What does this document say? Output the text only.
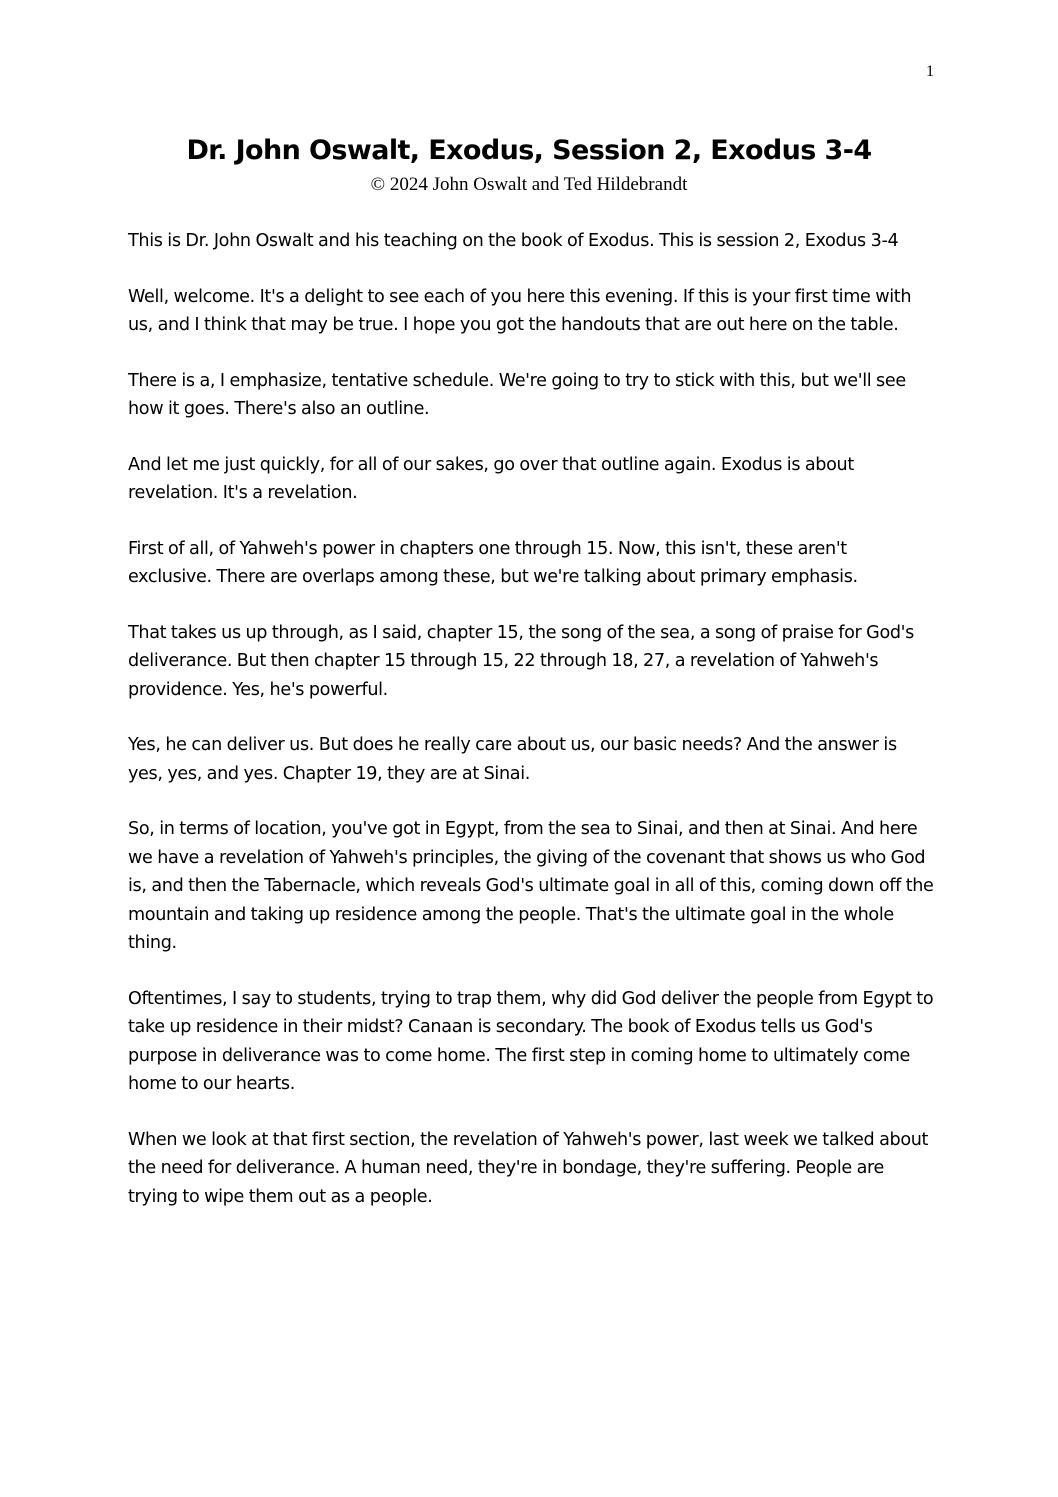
1

Dr. John Oswalt, Exodus, Session 2, Exodus 3-4

© 2024 John Oswalt and Ted Hildebrandt

This is Dr. John Oswalt and his teaching on the book of Exodus. This is session 2, Exodus 3-4

Well, welcome. It's a delight to see each of you here this evening. If this is your first time with us, and I think that may be true. I hope you got the handouts that are out here on the table.

There is a, I emphasize, tentative schedule. We're going to try to stick with this, but we'll see how it goes. There's also an outline.

And let me just quickly, for all of our sakes, go over that outline again. Exodus is about revelation. It's a revelation.

First of all, of Yahweh's power in chapters one through 15. Now, this isn't, these aren't exclusive. There are overlaps among these, but we're talking about primary emphasis.

That takes us up through, as I said, chapter 15, the song of the sea, a song of praise for God's deliverance. But then chapter 15 through 15, 22 through 18, 27, a revelation of Yahweh's providence. Yes, he's powerful.

Yes, he can deliver us. But does he really care about us, our basic needs? And the answer is yes, yes, and yes. Chapter 19, they are at Sinai.

So, in terms of location, you've got in Egypt, from the sea to Sinai, and then at Sinai. And here we have a revelation of Yahweh's principles, the giving of the covenant that shows us who God is, and then the Tabernacle, which reveals God's ultimate goal in all of this, coming down off the mountain and taking up residence among the people. That's the ultimate goal in the whole thing.

Oftentimes, I say to students, trying to trap them, why did God deliver the people from Egypt to take up residence in their midst? Canaan is secondary. The book of Exodus tells us God's purpose in deliverance was to come home. The first step in coming home to ultimately come home to our hearts.

When we look at that first section, the revelation of Yahweh's power, last week we talked about the need for deliverance. A human need, they're in bondage, they're suffering. People are trying to wipe them out as a people.
